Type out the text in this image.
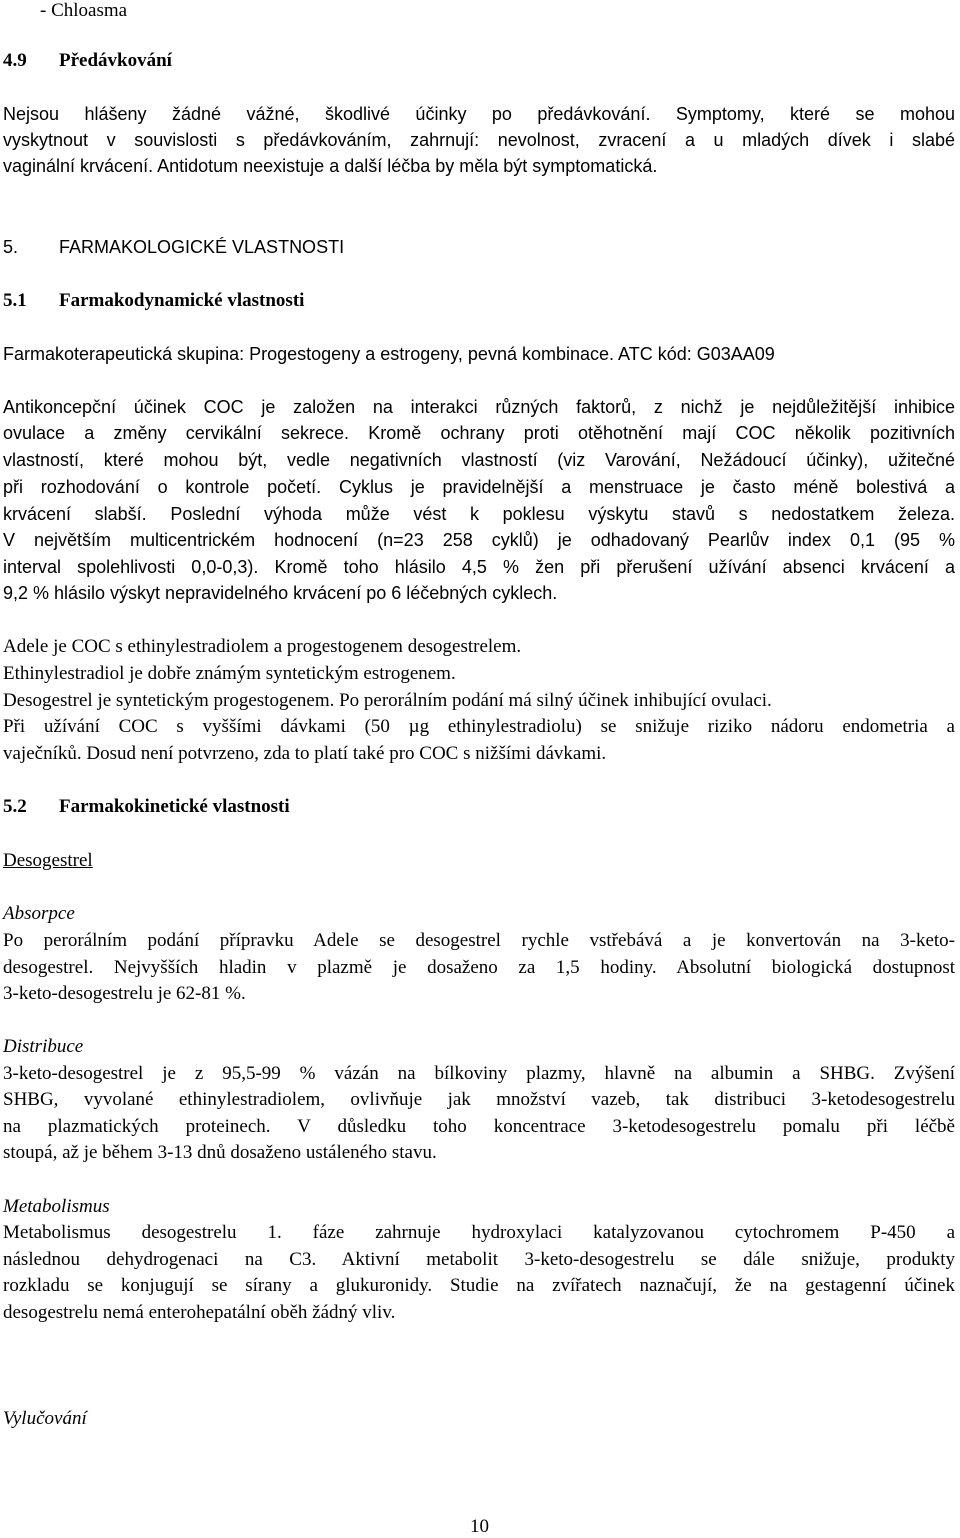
- Chloasma
4.9 Předávkování
Nejsou hlášeny žádné vážné, škodlivé účinky po předávkování. Symptomy, které se mohou
vyskytnout v souvislosti s předávkováním, zahrnují: nevolnost, zvracení a u mladých dívek i slabé
vaginální krvácení. Antidotum neexistuje a další léčba by měla být symptomatická.
5. FARMAKOLOGICKÉ VLASTNOSTI
5.1 Farmakodynamické vlastnosti
Farmakoterapeutická skupina: Progestogeny a estrogeny, pevná kombinace. ATC kód: G03AA09
Antikoncepční účinek COC je založen na interakci různých faktorů, z nichž je nejdůležitější inhibice
ovulace a změny cervikální sekrece. Kromě ochrany proti otěhotnění mají COC několik pozitivních
vlastností, které mohou být, vedle negativních vlastností (viz Varování, Nežádoucí účinky), užitečné
při rozhodování o kontrole početí. Cyklus je pravidelnější a menstruace je často méně bolestivá a
krvácení slabší. Poslední výhoda může vést k poklesu výskytu stavů s nedostatkem železa.
V největším multicentrickém hodnocení (n=23 258 cyklů) je odhadovaný Pearlův index 0,1 (95 %
interval spolehlivosti 0,0-0,3). Kromě toho hlásilo 4,5 % žen při přerušení užívání absenci krvácení a
9,2 % hlásilo výskyt nepravidelného krvácení po 6 léčebných cyklech.
Adele je COC s ethinylestradiolem a progestogenem desogestrelem.
Ethinylestradiol je dobře známým syntetickým estrogenem.
Desogestrel je syntetickým progestogenem. Po perorálním podání má silný účinek inhibující ovulaci.
Při užívání COC s vyššími dávkami (50 µg ethinylestradiolu) se snižuje riziko nádoru endometria a
vaječníků. Dosud není potvrzeno, zda to platí také pro COC s nižšími dávkami.
5.2 Farmakokinetické vlastnosti
Desogestrel
Absorpce
Po perorálním podání přípravku Adele se desogestrel rychle vstřebává a je konvertován na 3-keto-
desogestrel. Nejvyšších hladin v plazmě je dosaženo za 1,5 hodiny. Absolutní biologická dostupnost
3-keto-desogestrelu je 62-81 %.
Distribuce
3-keto-desogestrel je z 95,5-99 % vázán na bílkoviny plazmy, hlavně na albumin a SHBG. Zvýšení
SHBG, vyvolané ethinylestradiolem, ovlivňuje jak množství vazeb, tak distribuci 3-ketodesogestrelu
na plazmatických proteinech. V důsledku toho koncentrace 3-ketodesogestrelu pomalu při léčbě
stoupá, až je během 3-13 dnů dosaženo ustáleného stavu.
Metabolismus
Metabolismus desogestrelu 1. fáze zahrnuje hydroxylaci katalyzovanou cytochromem P-450 a
následnou dehydrogenaci na C3. Aktivní metabolit 3-keto-desogestrelu se dále snižuje, produkty
rozkladu se konjugují se sírany a glukuronidy. Studie na zvířatech naznačují, že na gestagenní účinek
desogestrelu nemá enterohepatální oběh žádný vliv.
Vylučování
10
